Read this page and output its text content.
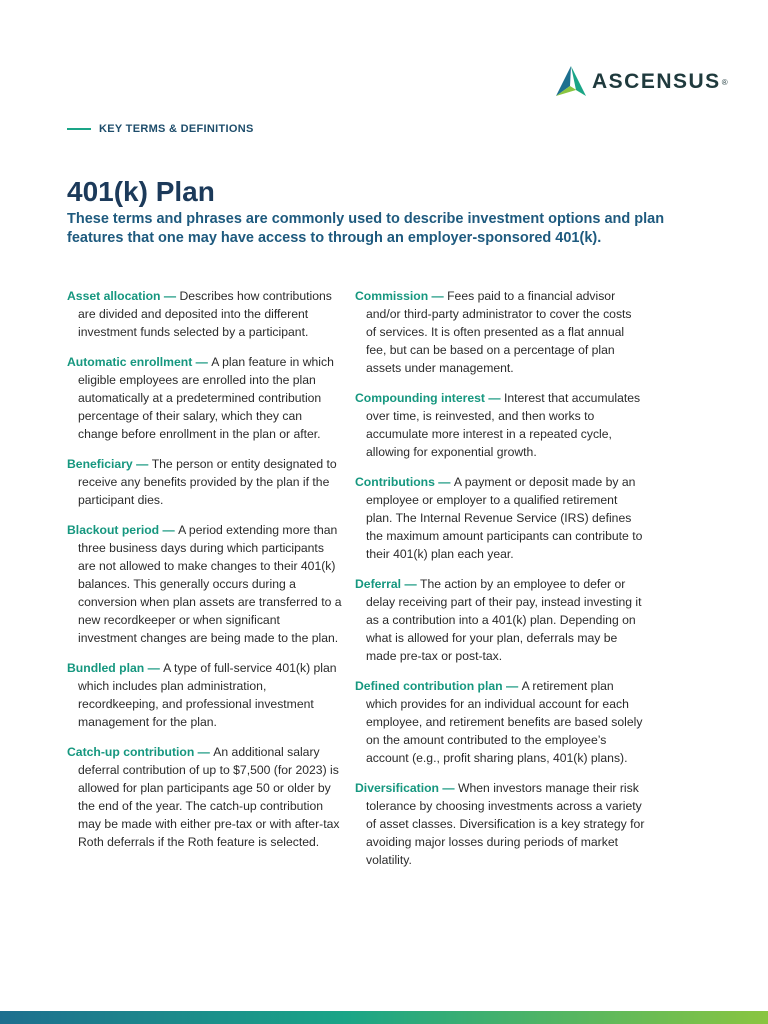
ASCENSUS ®
KEY TERMS & DEFINITIONS
401(k) Plan

These terms and phrases are commonly used to describe investment options and plan features that one may have access to through an employer-sponsored 401(k).

Asset allocation — Describes how contributions are divided and deposited into the different investment funds selected by a participant.

Automatic enrollment — A plan feature in which eligible employees are enrolled into the plan automatically at a predetermined contribution percentage of their salary, which they can change before enrollment in the plan or after.

Beneficiary — The person or entity designated to receive any benefits provided by the plan if the participant dies.

Blackout period — A period extending more than three business days during which participants are not allowed to make changes to their 401(k) balances. This generally occurs during a conversion when plan assets are transferred to a new recordkeeper or when significant investment changes are being made to the plan.

Bundled plan — A type of full-service 401(k) plan which includes plan administration, recordkeeping, and professional investment management for the plan.

Catch-up contribution — An additional salary deferral contribution of up to $7,500 (for 2023) is allowed for plan participants age 50 or older by the end of the year. The catch-up contribution may be made with either pre-tax or with after-tax Roth deferrals if the Roth feature is selected.

Commission — Fees paid to a financial advisor and/or third-party administrator to cover the costs of services. It is often presented as a flat annual fee, but can be based on a percentage of plan assets under management.

Compounding interest — Interest that accumulates over time, is reinvested, and then works to accumulate more interest in a repeated cycle, allowing for exponential growth.

Contributions — A payment or deposit made by an employee or employer to a qualified retirement plan. The Internal Revenue Service (IRS) defines the maximum amount participants can contribute to their 401(k) plan each year.

Deferral — The action by an employee to defer or delay receiving part of their pay, instead investing it as a contribution into a 401(k) plan. Depending on what is allowed for your plan, deferrals may be made pre-tax or post-tax.

Defined contribution plan — A retirement plan which provides for an individual account for each employee, and retirement benefits are based solely on the amount contributed to the employee’s account (e.g., profit sharing plans, 401(k) plans).

Diversification — When investors manage their risk tolerance by choosing investments across a variety of asset classes. Diversification is a key strategy for avoiding major losses during periods of market volatility.
